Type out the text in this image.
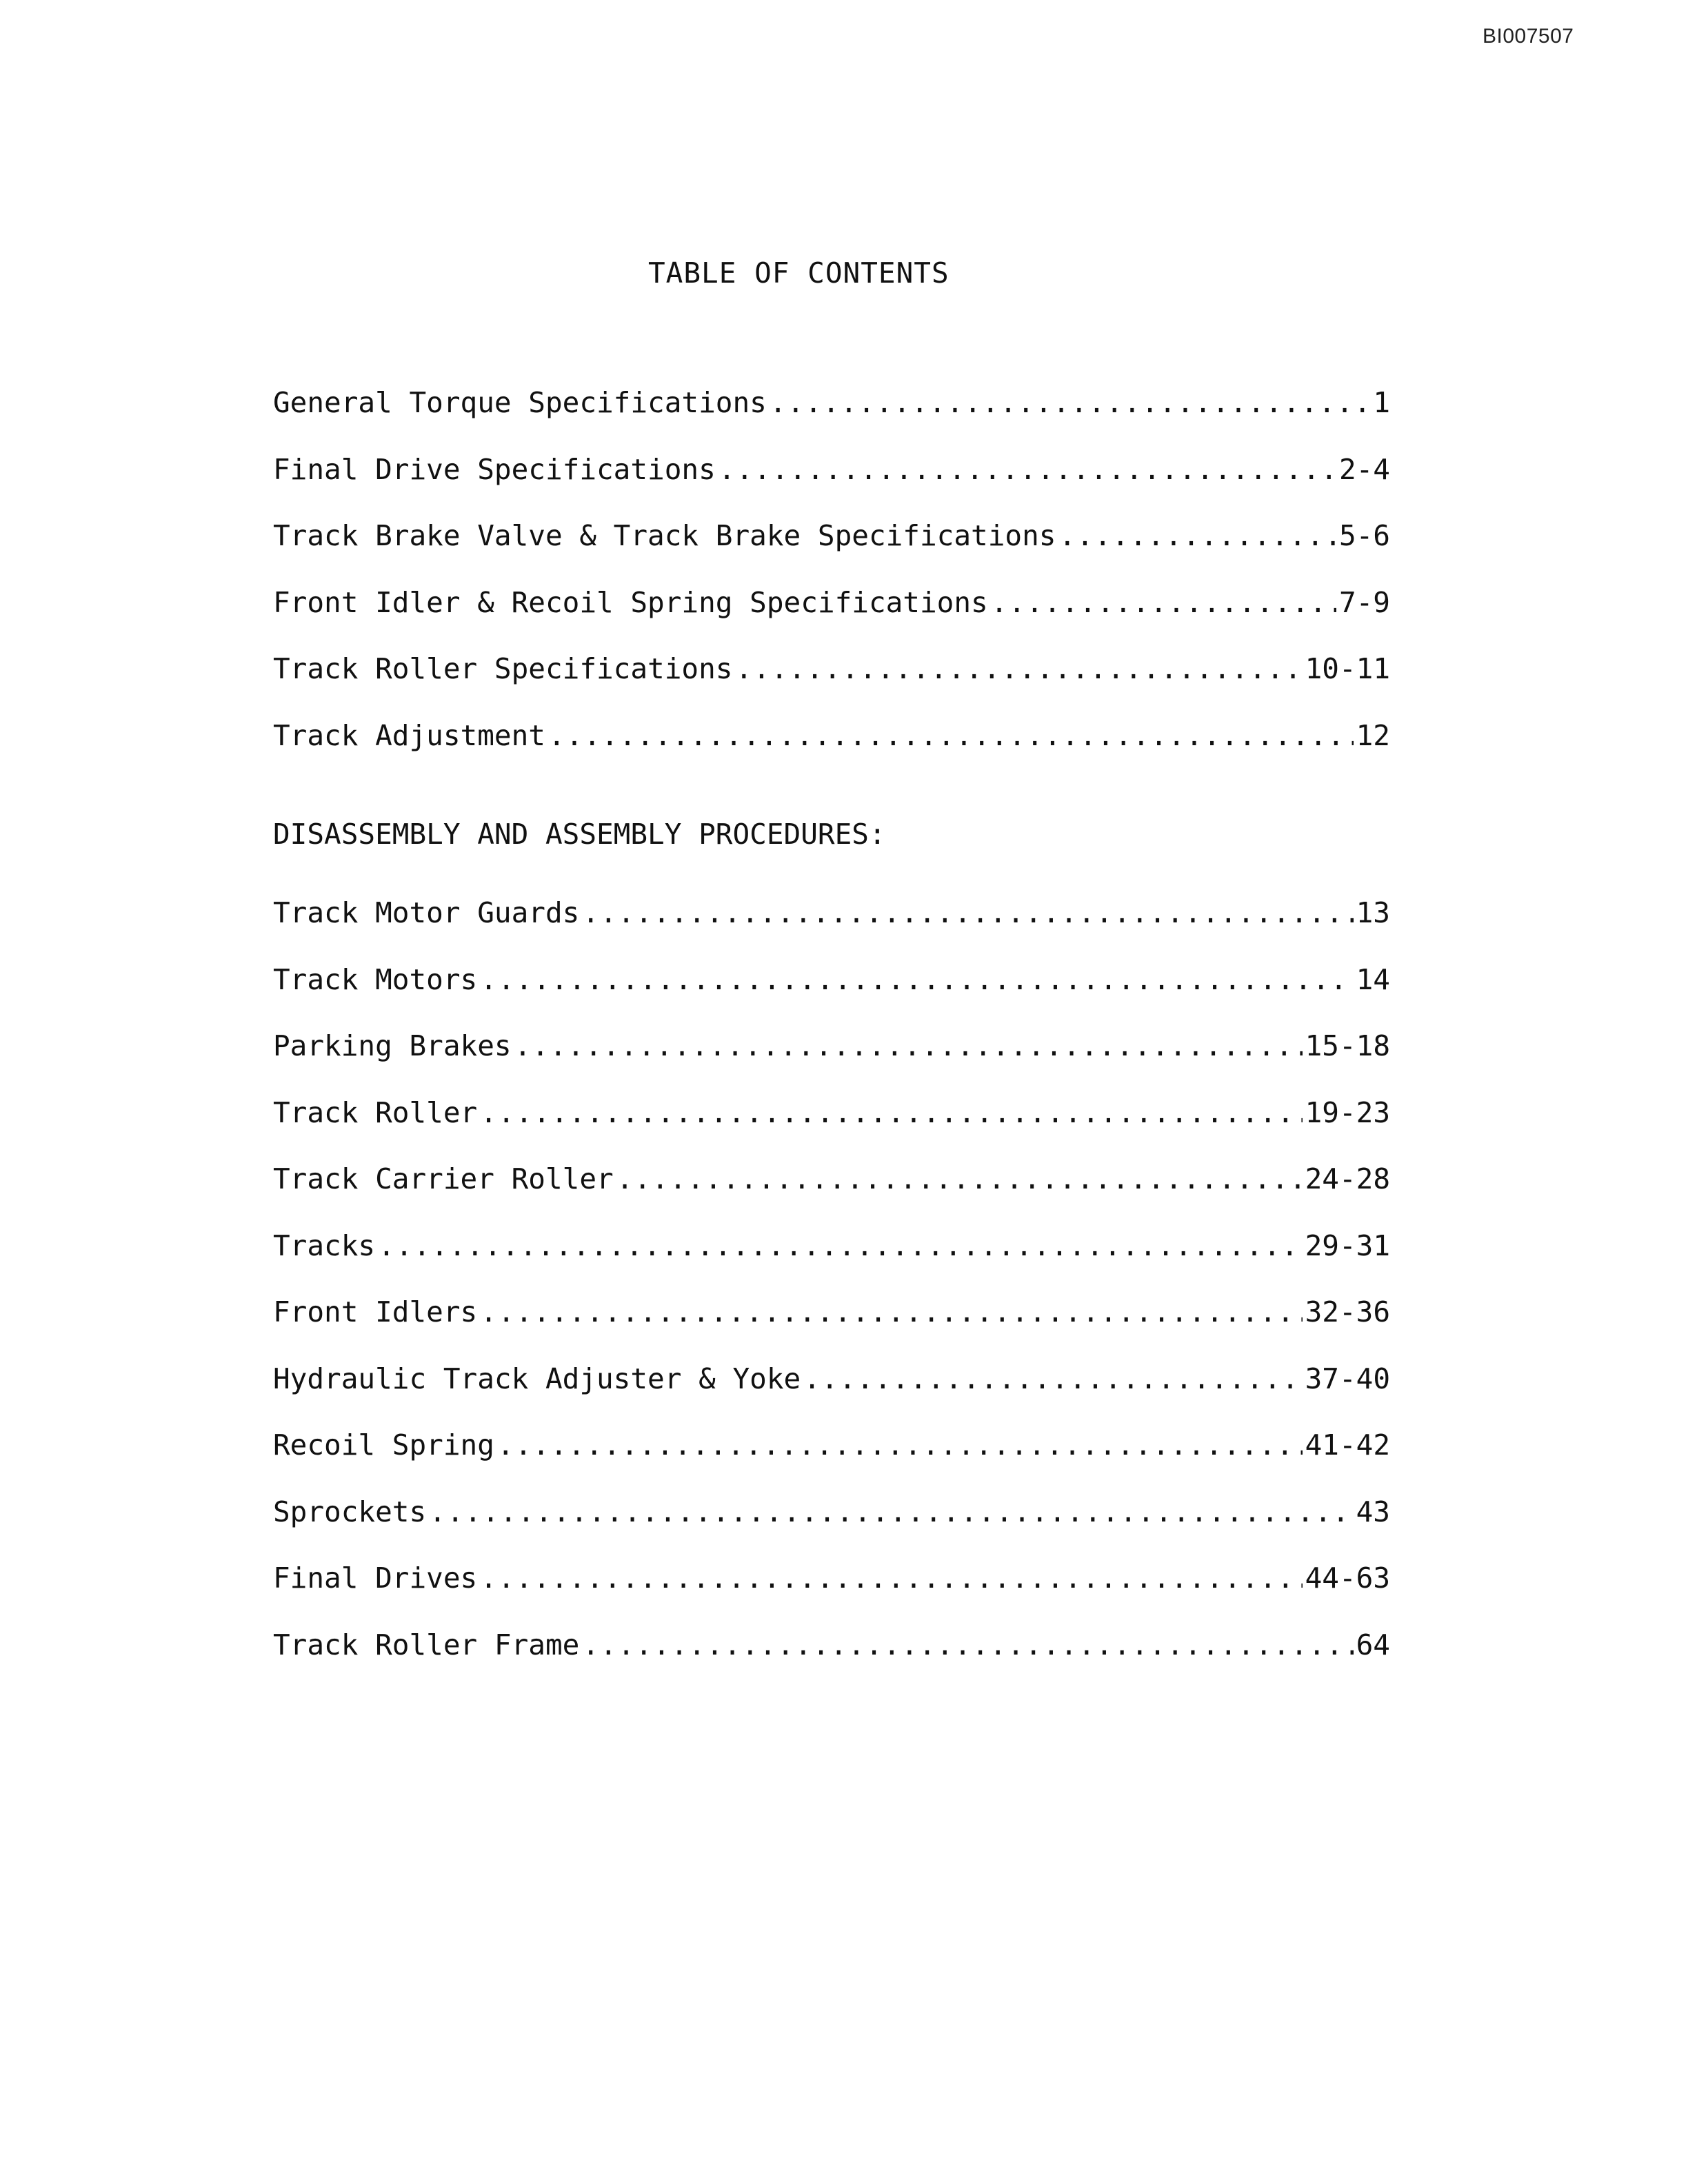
BI007507
TABLE OF CONTENTS
General Torque Specifications .....	1
Final Drive Specifications .....	2-4
Track Brake Valve & Track Brake Specifications .....	5-6
Front Idler & Recoil Spring Specifications .....	7-9
Track Roller Specifications .....	10-11
Track Adjustment .....	12
DISASSEMBLY AND ASSEMBLY PROCEDURES:
Track Motor Guards .....	13
Track Motors .....	14
Parking Brakes .....	15-18
Track Roller .....	19-23
Track Carrier Roller .....	24-28
Tracks .....	29-31
Front Idlers .....	32-36
Hydraulic Track Adjuster & Yoke .....	37-40
Recoil Spring .....	41-42
Sprockets .....	43
Final Drives .....	44-63
Track Roller Frame .....	64
